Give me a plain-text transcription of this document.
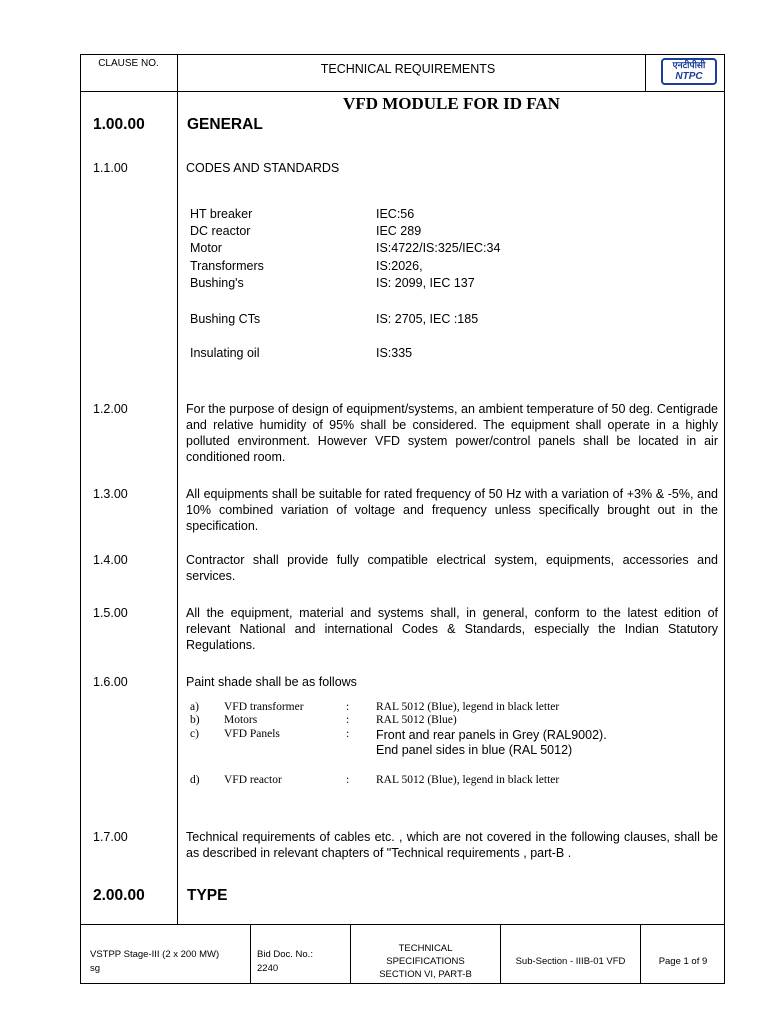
CLAUSE NO.	TECHNICAL REQUIREMENTS	एनटीपीसी
NTPC
VFD MODULE FOR ID FAN
1.00.00	GENERAL
1.1.00	CODES AND STANDARDS
HT breaker	IEC:56
DC reactor	IEC 289
Motor	IS:4722/IS:325/IEC:34
Transformers	IS:2026,
Bushing's	IS: 2099, IEC 137
Bushing CTs	IS: 2705, IEC :185
Insulating oil	IS:335
1.2.00	For the purpose of design of equipment/systems, an ambient temperature of 50 deg. Centigrade and relative humidity of 95% shall be considered. The equipment shall operate in a highly polluted environment. However VFD system power/control panels shall be located in air conditioned room.
1.3.00	All equipments shall be suitable for rated frequency of 50 Hz with a variation of +3% & -5%, and 10% combined variation of voltage and frequency unless specifically brought out in the specification.
1.4.00	Contractor shall provide fully compatible electrical system, equipments, accessories and services.
1.5.00	All the equipment, material and systems shall, in general, conform to the latest edition of relevant National and international Codes & Standards, especially the Indian Statutory Regulations.
1.6.00	Paint shade shall be as follows
a) VFD transformer	: RAL 5012 (Blue), legend in black letter
b) Motors	: RAL 5012 (Blue)
c) VFD Panels	: Front and rear panels in Grey (RAL9002). End panel sides in blue (RAL 5012)
d) VFD reactor	: RAL 5012 (Blue), legend in black letter
1.7.00	Technical requirements of cables etc. , which are not covered in the following clauses, shall be as described in relevant chapters of "Technical requirements , part-B .
2.00.00	TYPE
VSTPP Stage-III (2 x 200 MW)
sg
Bid Doc. No.:
2240
TECHNICAL
SPECIFICATIONS
SECTION VI, PART-B
Sub-Section - IIIB-01 VFD	Page 1 of 9
